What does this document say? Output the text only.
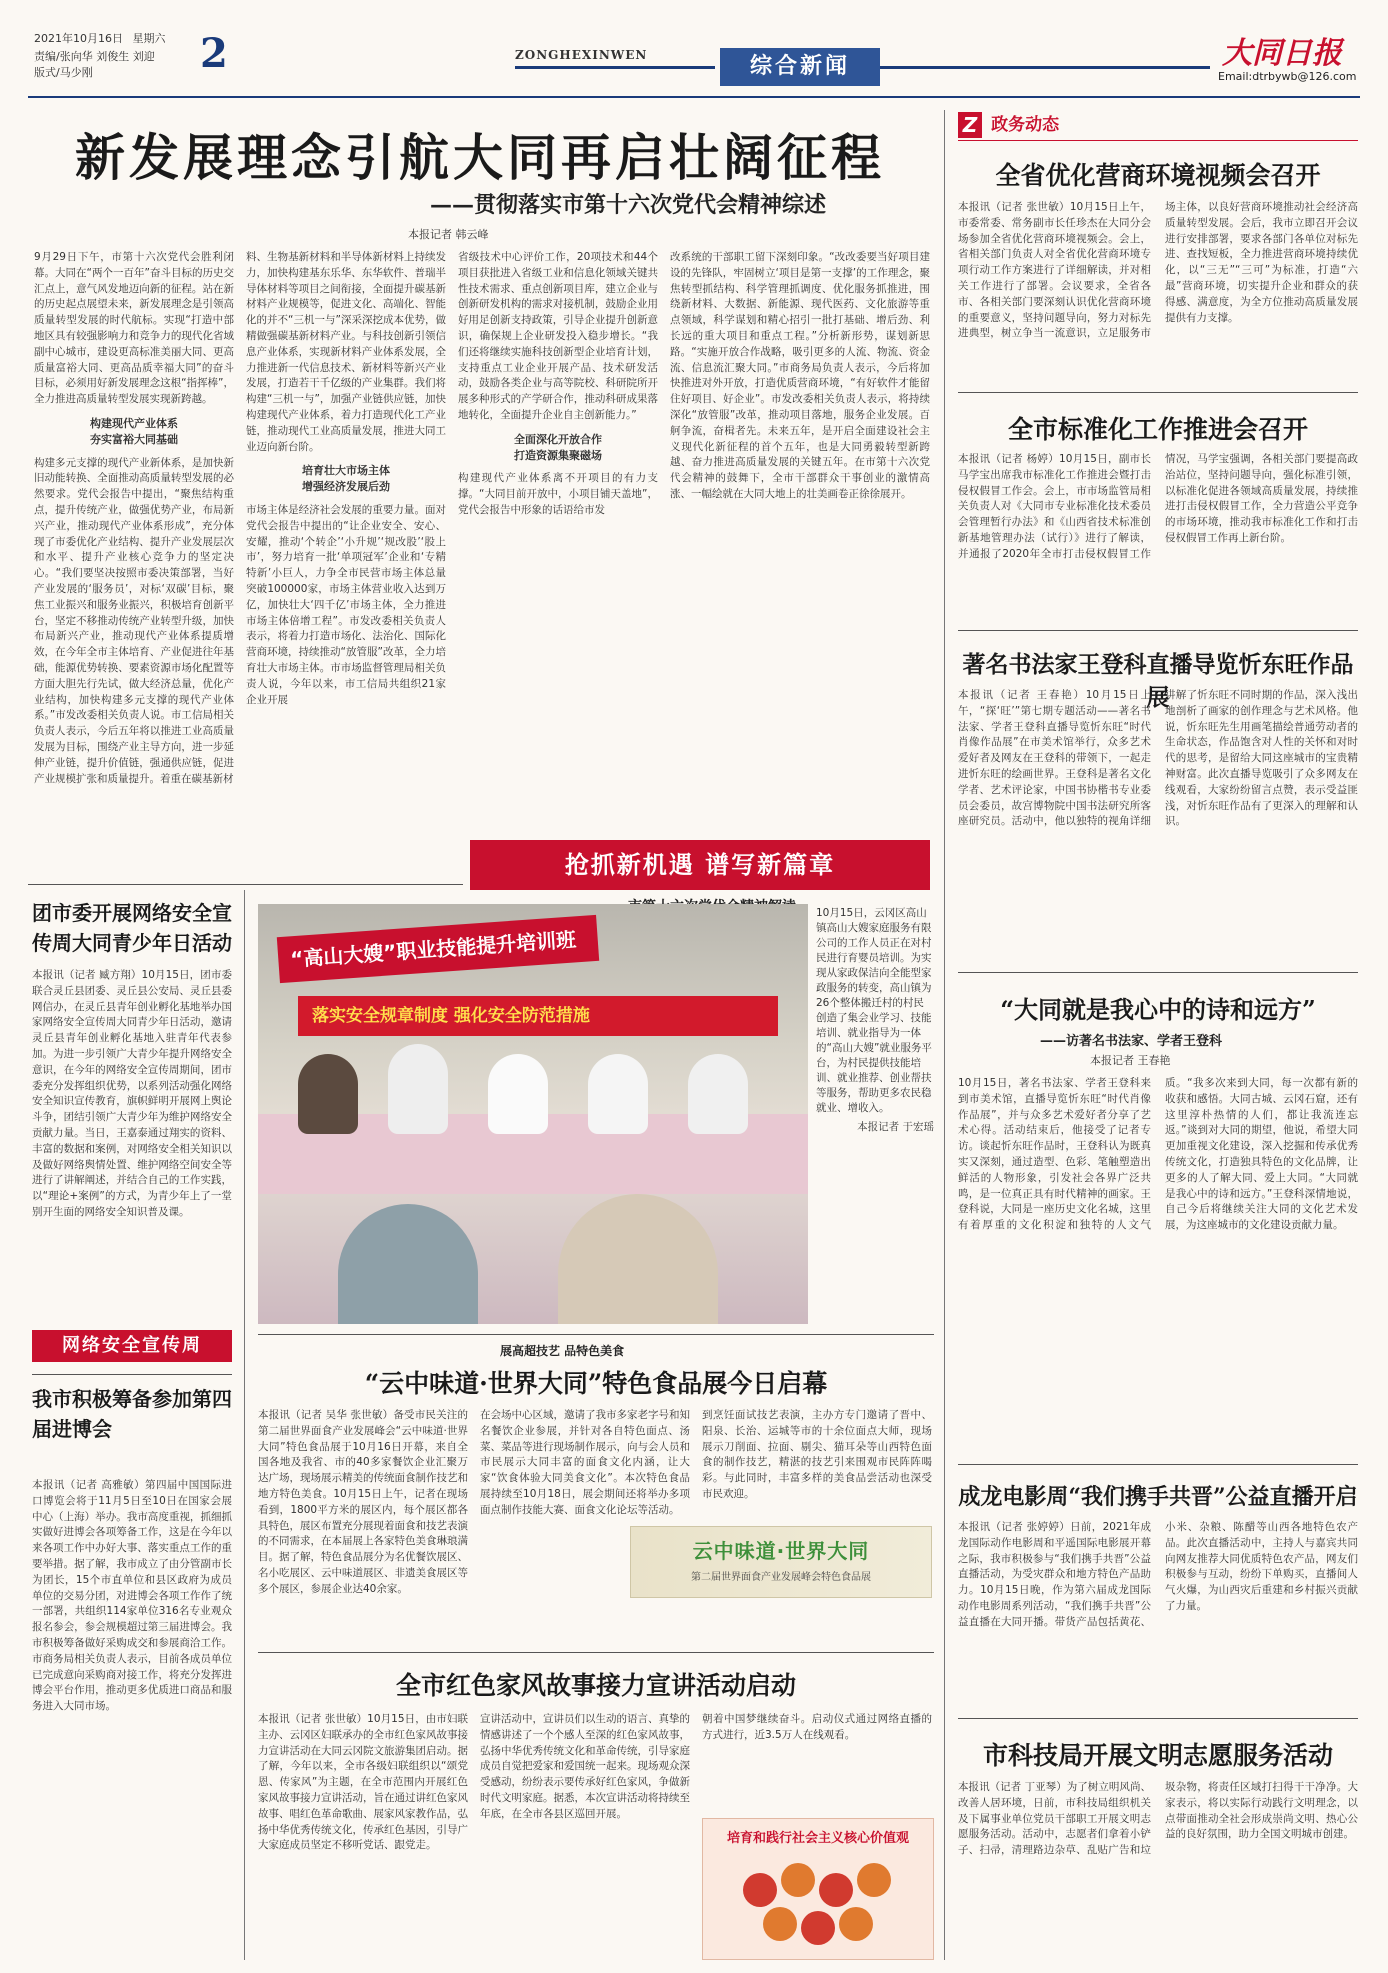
2021年10月16日 星期六
责编/张向华 刘俊生 刘迎
版式/马少刚	2	ZONGHEXINWEN	综合新闻	大同日报
Email:dtrbywb@126.com
新发展理念引航大同再启壮阔征程
——贯彻落实市第十六次党代会精神综述
本报记者 韩云峰
9月29日下午，市第十六次党代会胜利闭幕。大同在“两个一百年”奋斗目标的历史交汇点上，意气风发地迈向新的征程。站在新的历史起点展望未来，新发展理念是引领高质量转型发展的时代航标。实现“打造中部地区具有较强影响力和竞争力的现代化省域副中心城市，建设更高标准美丽大同、更高质量富裕大同、更高品质幸福大同”的奋斗目标，必须用好新发展理念这根“指挥棒”，全力推进高质量转型发展实现新跨越。
构建现代产业体系
夯实富裕大同基础
构建多元支撑的现代产业新体系，是加快新旧动能转换、全面推动高质量转型发展的必然要求。党代会报告中提出，“聚焦结构重点，提升传统产业，做强优势产业，布局新兴产业，推动现代产业体系形成”，充分体现了市委优化产业结构、提升产业发展层次和水平、提升产业核心竞争力的坚定决心。“我们要坚决按照市委决策部署，当好产业发展的‘服务员’，对标‘双碳’目标，聚焦工业振兴和服务业振兴，积极培育创新平台，坚定不移推动传统产业转型升级，加快布局新兴产业，推动现代产业体系提质增效，在今年全市主体培育、产业促进往年基础，能源优势转换、要素资源市场化配置等方面大胆先行先试，做大经济总量，优化产业结构，加快构建多元支撑的现代产业体系。”市发改委相关负责人说。市工信局相关负责人表示，今后五年将以推进工业高质量发展为目标，围绕产业主导方向，进一步延伸产业链，提升价值链，强通供应链，促进产业规模扩张和质量提升。着重在碳基新材
料、生物基新材料和半导体新材料上持续发力，加快构建基东乐华、东华软件、普瑞半导体材料等项目之间衔接，全面提升碳基新材料产业规模等，促进文化、高端化、智能化的并不“三机一与”深采深挖成本优势，做精做强碳基新材料产业。与科技创新引领信息产业体系，实现新材料产业体系发展，全力推进新一代信息技术、新材料等新兴产业发展，打造若干千亿级的产业集群。我们将构建“三机一与”，加强产业链供应链，加快构建现代产业体系，着力打造现代化工产业链，推动现代工业高质量发展，推进大同工业迈向新台阶。
培育壮大市场主体
增强经济发展后劲
市场主体是经济社会发展的重要力量。面对党代会报告中提出的“让企业安全、安心、安耀，推动‘个转企’‘小升规’‘规改股’‘股上市’，努力培育一批‘单项冠军’企业和‘专精特新’小巨人，力争全市民营市场主体总量突破100000家，市场主体营业收入达到万亿，加快壮大‘四千亿’市场主体，全力推进市场主体倍增工程”。市发改委相关负责人表示，将着力打造市场化、法治化、国际化营商环境，持续推动“放管服”改革，全力培育壮大市场主体。市市场监督管理局相关负责人说，今年以来，市工信局共组织21家企业开展
省级技术中心评价工作，20项技术和44个项目获批进入省级工业和信息化领域关键共性技术需求、重点创新项目库，建立企业与创新研发机构的需求对接机制，鼓励企业用好用足创新支持政策，引导企业提升创新意识，确保规上企业研发投入稳步增长。“我们还将继续实施科技创新型企业培育计划，支持重点工业企业开展产品、技术研发活动，鼓励各类企业与高等院校、科研院所开展多种形式的产学研合作，推动科研成果落地转化，全面提升企业自主创新能力。”
全面深化开放合作
打造资源集聚磁场
构建现代产业体系离不开项目的有力支撑。“大同目前开放中，小项目铺天盖地”，党代会报告中形象的话语给市发
改系统的干部职工留下深刻印象。“改改委要当好项目建设的先锋队，牢固树立‘项目是第一支撑’的工作理念，聚焦转型抓结构、科学管理抓调度、优化服务抓推进，围绕新材料、大数据、新能源、现代医药、文化旅游等重点领域，科学谋划和精心招引一批打基础、增后劲、利长远的重大项目和重点工程。”分析新形势，谋划新思路。“实施开放合作战略，吸引更多的人流、物流、资金流、信息流汇聚大同。”市商务局负责人表示，今后将加快推进对外开放，打造优质营商环境，“有好软件才能留住好项目、好企业”。市发改委相关负责人表示，将持续深化“放管服”改革，推动项目落地，服务企业发展。百舸争流，奋楫者先。未来五年，是开启全面建设社会主义现代化新征程的首个五年，也是大同勇毅转型新跨越、奋力推进高质量发展的关键五年。在市第十六次党代会精神的鼓舞下，全市干部群众干事创业的激情高涨、一幅绘就在大同大地上的壮美画卷正徐徐展开。
抢抓新机遇 谱写新篇章
Z 政务动态
全省优化营商环境视频会召开
本报讯（记者 张世敏）10月15日上午，市委常委、常务副市长任珍杰在大同分会场参加全省优化营商环境视频会。会上，省相关部门负责人对全省优化营商环境专项行动工作方案进行了详细解读，并对相关工作进行了部署。会议要求，全省各市、各相关部门要深刻认识优化营商环境的重要意义，坚持问题导向，努力对标先进典型，树立争当一流意识，立足服务市场主体，以良好营商环境推动社会经济高质量转型发展。会后，我市立即召开会议进行安排部署，要求各部门各单位对标先进、查找短板，全力推进营商环境持续优化，以“三无”“三可”为标准，打造“六最”营商环境，切实提升企业和群众的获得感、满意度，为全方位推动高质量发展提供有力支撑。
全市标准化工作推进会召开
本报讯（记者 杨婷）10月15日，副市长马学宝出席我市标准化工作推进会暨打击侵权假冒工作会。会上，市市场监管局相关负责人对《大同市专业标准化技术委员会管理暂行办法》和《山西省技术标准创新基地管理办法（试行）》进行了解读，并通报了2020年全市打击侵权假冒工作情况，马学宝强调，各相关部门要提高政治站位，坚持问题导向，强化标准引领，以标准化促进各领域高质量发展，持续推进打击侵权假冒工作，全力营造公平竞争的市场环境，推动我市标准化工作和打击侵权假冒工作再上新台阶。
著名书法家王登科直播导览忻东旺作品展
本报讯（记者 王春艳）10月15日上午，“探‘旺’”第七期专题活动——著名书法家、学者王登科直播导览忻东旺“时代肖像作品展”在市美术馆举行，众多艺术爱好者及网友在王登科的带领下，一起走进忻东旺的绘画世界。王登科是著名文化学者、艺术评论家，中国书协楷书专业委员会委员，故宫博物院中国书法研究所客座研究员。活动中，他以独特的视角详细讲解了忻东旺不同时期的作品，深入浅出地剖析了画家的创作理念与艺术风格。他说，忻东旺先生用画笔描绘普通劳动者的生命状态，作品饱含对人性的关怀和对时代的思考，是留给大同这座城市的宝贵精神财富。此次直播导览吸引了众多网友在线观看，大家纷纷留言点赞，表示受益匪浅，对忻东旺作品有了更深入的理解和认识。
“大同就是我心中的诗和远方”
——访著名书法家、学者王登科
本报记者 王春艳
10月15日，著名书法家、学者王登科来到市美术馆，直播导览忻东旺“时代肖像作品展”，并与众多艺术爱好者分享了艺术心得。活动结束后，他接受了记者专访。谈起忻东旺作品时，王登科认为既真实又深刻，通过造型、色彩、笔触塑造出鲜活的人物形象，引发社会各界广泛共鸣，是一位真正具有时代精神的画家。王登科说，大同是一座历史文化名城，这里有着厚重的文化积淀和独特的人文气质。“我多次来到大同，每一次都有新的收获和感悟。大同古城、云冈石窟，还有这里淳朴热情的人们，都让我流连忘返。”谈到对大同的期望，他说，希望大同更加重视文化建设，深入挖掘和传承优秀传统文化，打造独具特色的文化品牌，让更多的人了解大同、爱上大同。“大同就是我心中的诗和远方。”王登科深情地说，自己今后将继续关注大同的文化艺术发展，为这座城市的文化建设贡献力量。
成龙电影周“我们携手共晋”公益直播开启
本报讯（记者 张婷婷）日前，2021年成龙国际动作电影周和平遥国际电影展开幕之际，我市积极参与“我们携手共晋”公益直播活动，为受灾群众和地方特色产品助力。10月15日晚，作为第六届成龙国际动作电影周系列活动，“我们携手共晋”公益直播在大同开播。带货产品包括黄花、小米、杂粮、陈醋等山西各地特色农产品。此次直播活动中，主持人与嘉宾共同向网友推荐大同优质特色农产品，网友们积极参与互动，纷纷下单购买，直播间人气火爆，为山西灾后重建和乡村振兴贡献了力量。
市科技局开展文明志愿服务活动
本报讯（记者 丁亚琴）为了树立明风尚、改善人居环境，日前，市科技局组织机关及下属事业单位党员干部职工开展文明志愿服务活动。活动中，志愿者们拿着小铲子、扫帚，清理路边杂草、乱贴广告和垃圾杂物，将责任区域打扫得干干净净。大家表示，将以实际行动践行文明理念，以点带面推动全社会形成崇尚文明、热心公益的良好氛围，助力全国文明城市创建。
团市委开展网络安全宣传周大同青少年日活动
本报讯（记者 臧方翔）10月15日，团市委联合灵丘县团委、灵丘县公安局、灵丘县委网信办，在灵丘县青年创业孵化基地举办国家网络安全宣传周大同青少年日活动，邀请灵丘县青年创业孵化基地入驻青年代表参加。为进一步引领广大青少年提升网络安全意识，在今年的网络安全宣传周期间，团市委充分发挥组织优势，以系列活动强化网络安全知识宣传教育，旗帜鲜明开展网上舆论斗争，团结引领广大青少年为维护网络安全贡献力量。当日，王嘉泰通过翔实的资料、丰富的数据和案例，对网络安全相关知识以及做好网络舆情处置、维护网络空间安全等进行了讲解阐述，并结合自己的工作实践，以“理论+案例”的方式，为青少年上了一堂别开生面的网络安全知识普及课。
网络安全宣传周
我市积极筹备参加第四届进博会
本报讯（记者 高雅敏）第四届中国国际进口博览会将于11月5日至10日在国家会展中心（上海）举办。我市高度重视，抓细抓实做好进博会各项筹备工作，这是在今年以来各项工作中办好大事、落实重点工作的重要举措。据了解，我市成立了由分管副市长为团长，15个市直单位和县区政府为成员单位的交易分团，对进博会各项工作作了统一部署，共组织114家单位316名专业观众报名参会，参会规模超过第三届进博会。我市积极筹备做好采购成交和参展商洽工作。市商务局相关负责人表示，目前各成员单位已完成意向采购商对接工作，将充分发挥进博会平台作用，推动更多优质进口商品和服务进入大同市场。
“高山大嫂”职业技能提升培训班
落实安全规章制度 强化安全防范措施
10月15日，云冈区高山镇高山大嫂家庭服务有限公司的工作人员正在对村民进行育婴员培训。为实现从家政保洁向全能型家政服务的转变，高山镇为26个整体搬迁村的村民创造了集会业学习、技能培训、就业指导为一体的“高山大嫂”就业服务平台，为村民提供技能培训、就业推荐、创业帮扶等服务，帮助更多农民稳就业、增收入。
本报记者 于宏瑶
展高超技艺 品特色美食
“云中味道·世界大同”特色食品展今日启幕
本报讯（记者 吴华 张世敏）备受市民关注的第二届世界面食产业发展峰会“云中味道·世界大同”特色食品展于10月16日开幕，来自全国各地及我省、市的40多家餐饮企业汇聚万达广场，现场展示精美的传统面食制作技艺和地方特色美食。10月15日上午，记者在现场看到，1800平方米的展区内，每个展区都各具特色，展区布置充分展现着面食和技艺表演的不同需求，在本届展上各家特色美食琳琅满目。据了解，特色食品展分为名优餐饮展区、名小吃展区、云中味道展区、非遗美食展区等多个展区，参展企业达40余家。
在会场中心区域，邀请了我市多家老字号和知名餐饮企业参展，并针对各自特色面点、汤菜、菜品等进行现场制作展示，向与会人员和市民展示大同丰富的面食文化内涵，让大家“饮食体验大同美食文化”。本次特色食品展持续至10月18日，展会期间还将举办多项面点制作技能大赛、面食文化论坛等活动。
到烹饪面试技艺表演，主办方专门邀请了晋中、阳泉、长治、运城等市的十余位面点大师，现场展示刀削面、拉面、剔尖、猫耳朵等山西特色面食的制作技艺，精湛的技艺引来围观市民阵阵喝彩。与此同时，丰富多样的美食品尝活动也深受市民欢迎。
云中味道·世界大同
第二届世界面食产业发展峰会特色食品展
全市红色家风故事接力宣讲活动启动
本报讯（记者 张世敏）10月15日，由市妇联主办、云冈区妇联承办的全市红色家风故事接力宣讲活动在大同云冈院文旅游集团启动。据了解，今年以来，全市各级妇联组织以“颂党恩、传家风”为主题，在全市范围内开展红色家风故事接力宣讲活动，旨在通过讲红色家风故事、唱红色革命歌曲、展家风家教作品，弘扬中华优秀传统文化，传承红色基因，引导广大家庭成员坚定不移听党话、跟党走。
宣讲活动中，宣讲员们以生动的语言、真挚的情感讲述了一个个感人至深的红色家风故事，弘扬中华优秀传统文化和革命传统，引导家庭成员自觉把爱家和爱国统一起来。现场观众深受感动，纷纷表示要传承好红色家风，争做新时代文明家庭。据悉，本次宣讲活动将持续至年底，在全市各县区巡回开展。
朝着中国梦继续奋斗。启动仪式通过网络直播的方式进行，近3.5万人在线观看。
培育和践行社会主义核心价值观
